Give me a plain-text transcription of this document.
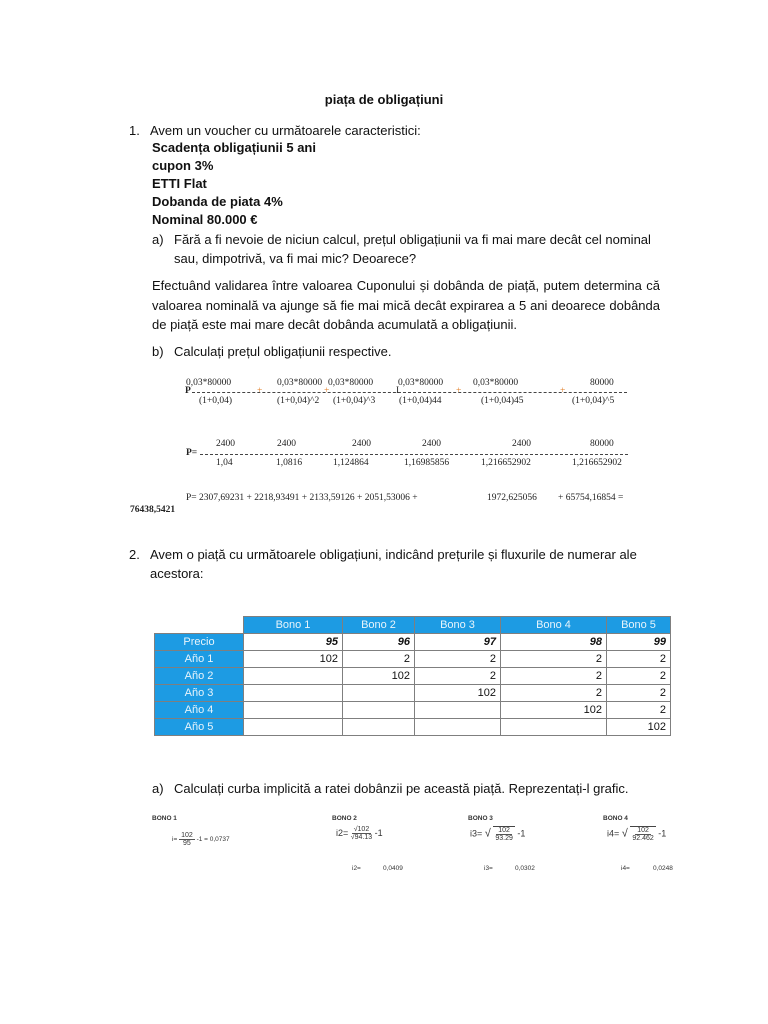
piața de obligațiuni
1. Avem un voucher cu următoarele caracteristici:
Scadența obligațiunii 5 ani
cupon 3%
ETTI Flat
Dobanda de piata 4%
Nominal 80.000 €
a) Fără a fi nevoie de niciun calcul, prețul obligațiunii va fi mai mare decât cel nominal
sau, dimpotrivă, va fi mai mic? Deoarece?
Efectuând validarea între valoarea Cuponului și dobânda de piață, putem determina că valoarea nominală va ajunge să fie mai mică decât expirarea a 5 ani deoarece dobânda de piață este mai mare decât dobânda acumulată a obligațiunii.
b) Calculați prețul obligațiunii respective.
0,03*80000	0,03*80000 0,03*80000	0,03*80000	0,03*80000	80000
P	+	+	I	+	+
(1+0,04)	(1+0,04)^2 (1+0,04)^3 (1+0,04)44	(1+0,04)45	(1+0,04)^5
2400	2400	2400	2400	2400	80000
P=
1,04	1,0816	1,124864	1,16985856	1,216652902	1,216652902
P= 2307,69231 + 2218,93491 + 2133,59126 + 2051,53006 +	1972,625056 + 65754,16854 =
76438,5421
2. Avem o piață cu următoarele obligațiuni, indicând prețurile și fluxurile de numerar ale
acestora:
	Bono 1	Bono 2	Bono 3	Bono 4	Bono 5
Precio	95	96	97	98	99
Año 1	102	2	2	2	2
Año 2		102	2	2	2
Año 3			102	2	2
Año 4				102	2
Año 5					102
a) Calculați curba implicită a ratei dobânzii pe această piață. Reprezentați-l grafic.
BONO 1
$i= \frac{102}{95} -1 = 0,0737$
BONO 2
$i2= \frac{√102}{√94.13} -1$
i2=	0,0409
BONO 3
i3= √ $\frac{102}{93.29} -1$
i3=	0,0302
BONO 4
i4= √ $\frac{102}{92.462} -1$
i4=	0,0248
